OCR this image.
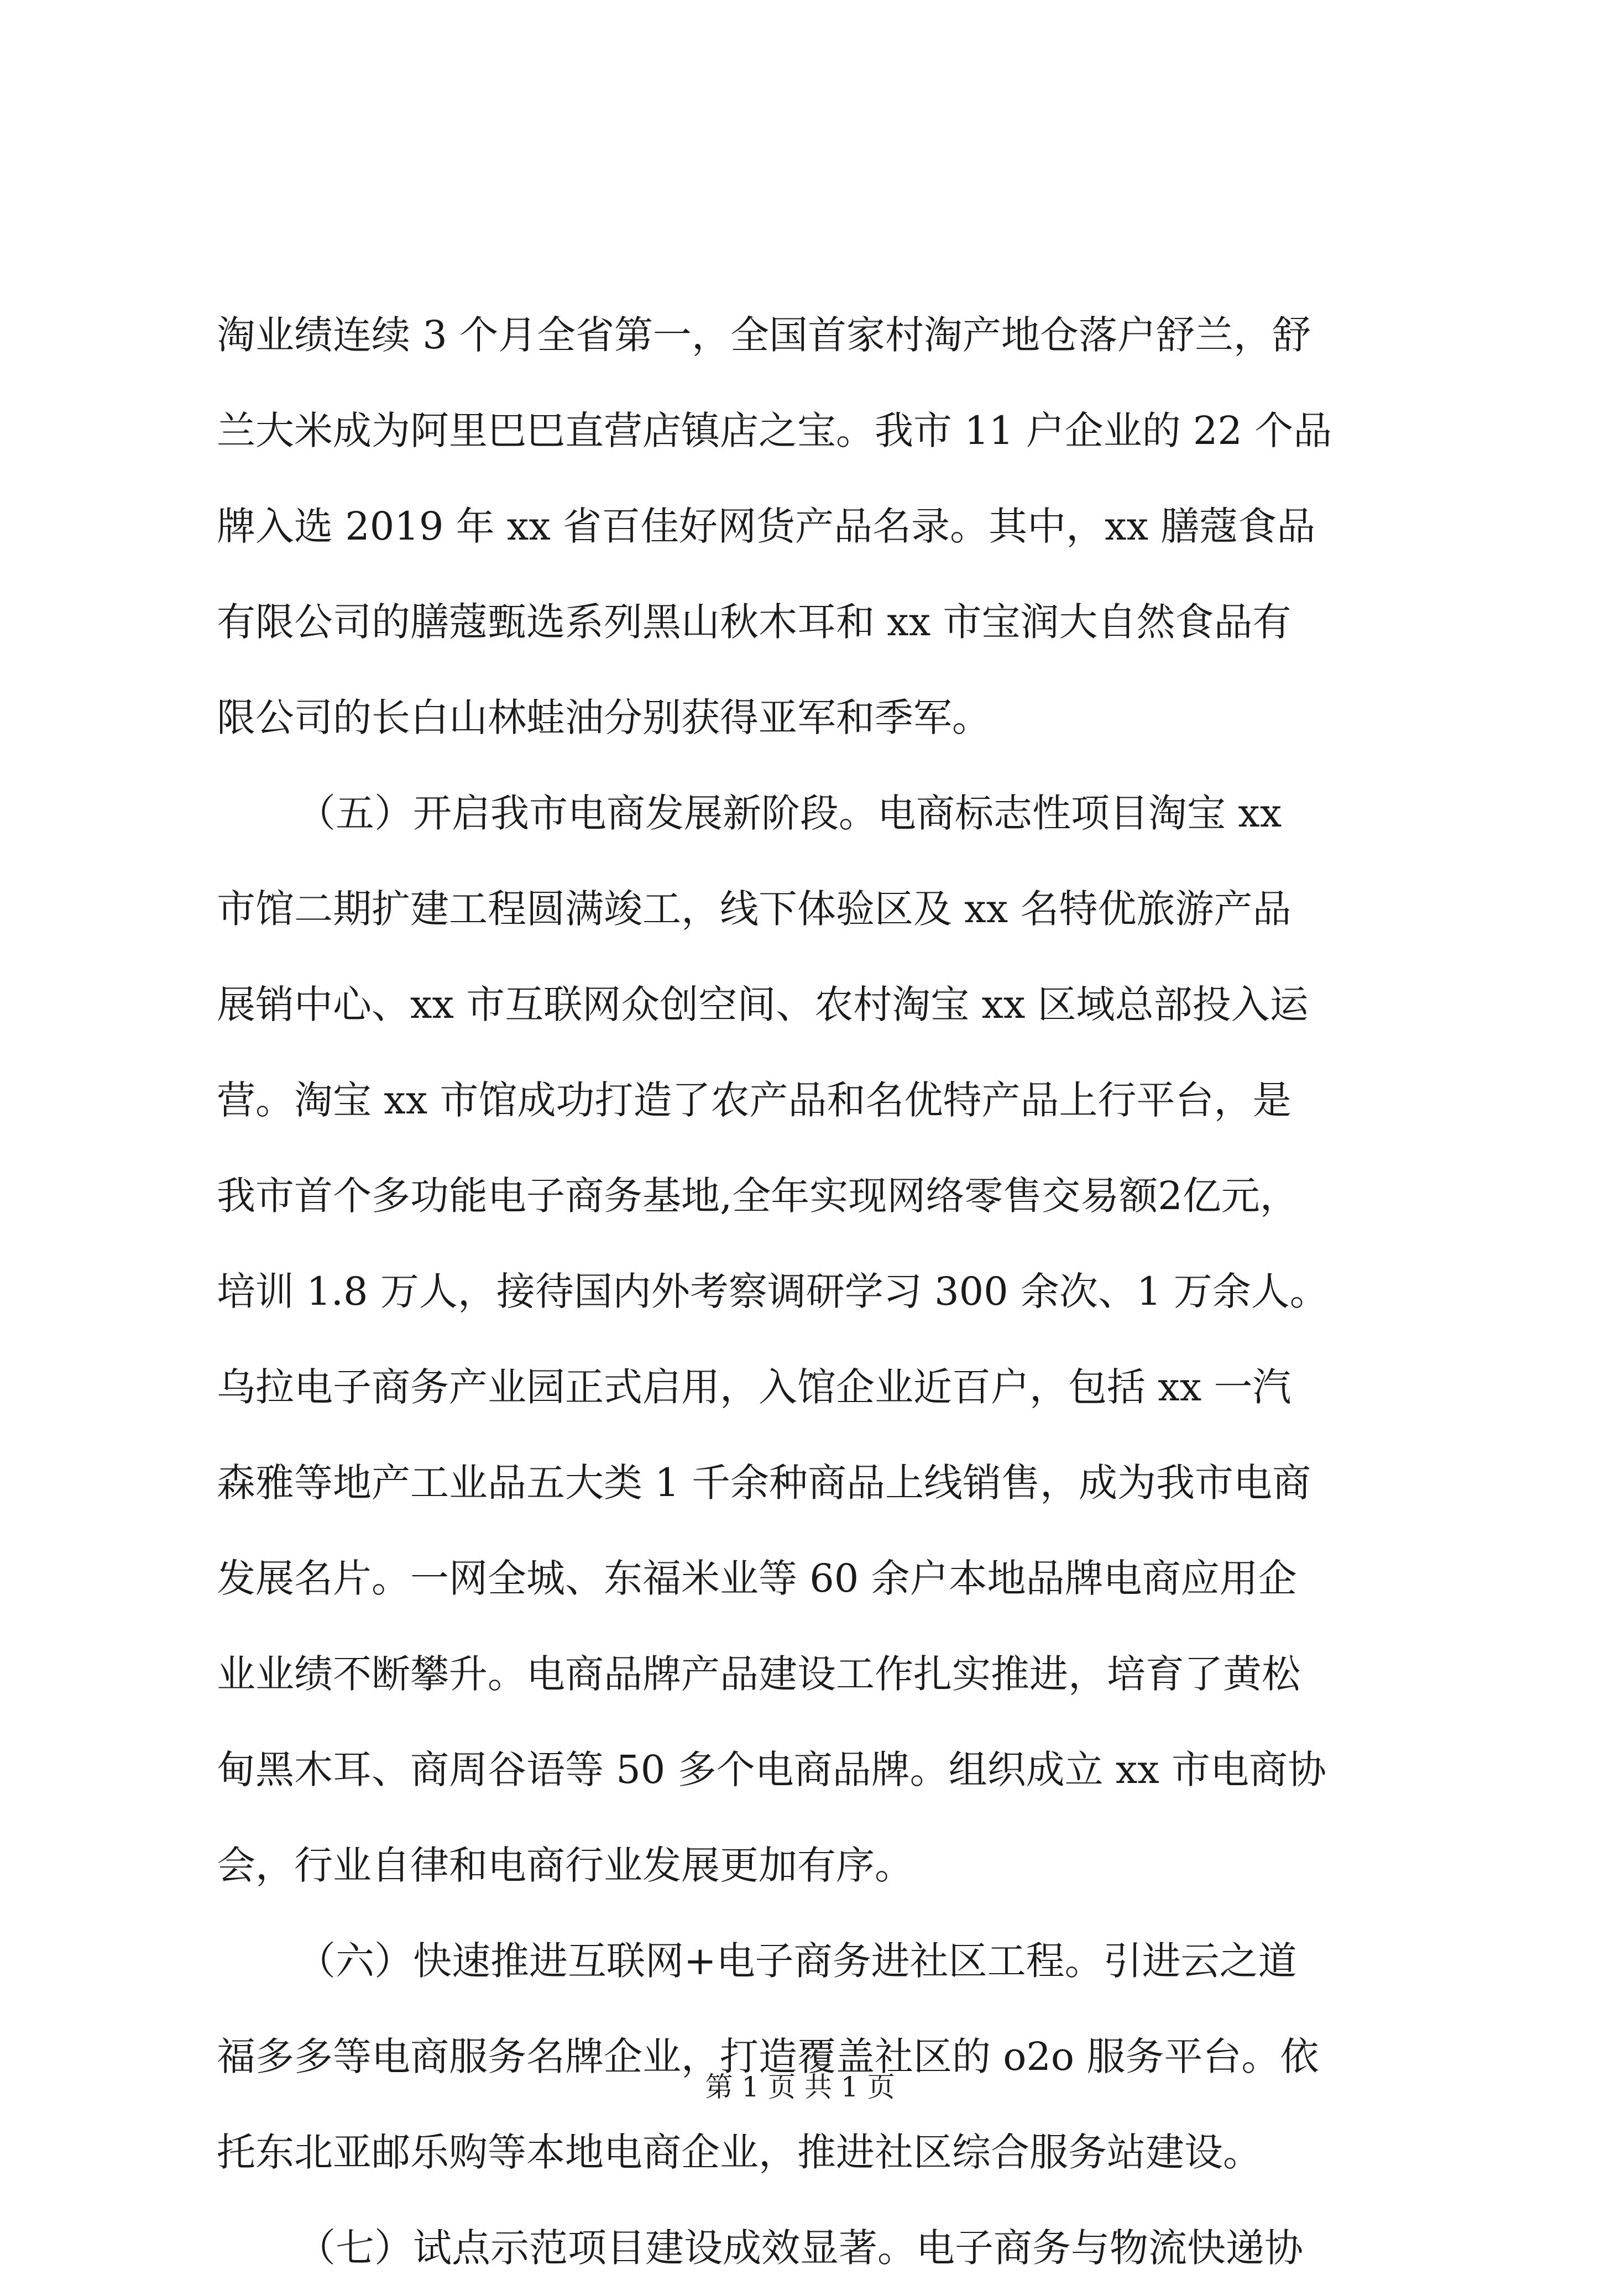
淘业绩连续 3 个月全省第一，全国首家村淘产地仓落户舒兰，舒
兰大米成为阿里巴巴直营店镇店之宝。我市 11 户企业的 22 个品
牌入选 2019 年 xx 省百佳好网货产品名录。其中，xx 膳蔻食品
有限公司的膳蔻甄选系列黑山秋木耳和 xx 市宝润大自然食品有
限公司的长白山林蛙油分别获得亚军和季军。
（五）开启我市电商发展新阶段。电商标志性项目淘宝 xx
市馆二期扩建工程圆满竣工，线下体验区及 xx 名特优旅游产品
展销中心、xx 市互联网众创空间、农村淘宝 xx 区域总部投入运
营。淘宝 xx 市馆成功打造了农产品和名优特产品上行平台，是
我市首个多功能电子商务基地,全年实现网络零售交易额2亿元，
培训 1.8 万人，接待国内外考察调研学习 300 余次、1 万余人。
乌拉电子商务产业园正式启用，入馆企业近百户，包括 xx 一汽
森雅等地产工业品五大类 1 千余种商品上线销售，成为我市电商
发展名片。一网全城、东福米业等 60 余户本地品牌电商应用企
业业绩不断攀升。电商品牌产品建设工作扎实推进，培育了黄松
甸黑木耳、商周谷语等 50 多个电商品牌。组织成立 xx 市电商协
会，行业自律和电商行业发展更加有序。
（六）快速推进互联网+电子商务进社区工程。引进云之道
福多多等电商服务名牌企业，打造覆盖社区的 o2o 服务平台。依
托东北亚邮乐购等本地电商企业，推进社区综合服务站建设。
（七）试点示范项目建设成效显著。电子商务与物流快递协
第 1 页 共 1 页
